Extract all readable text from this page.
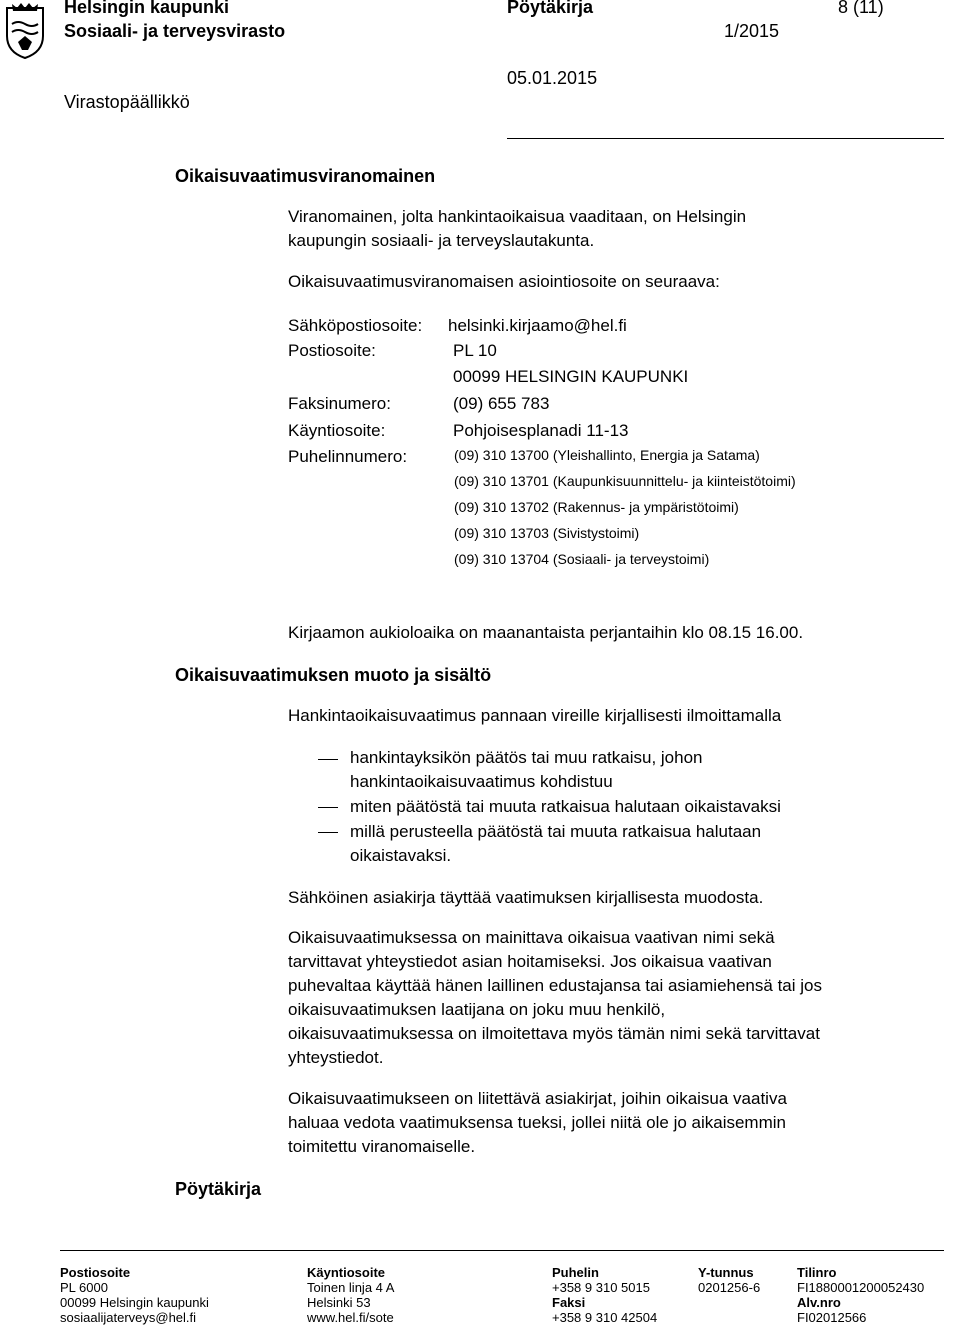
Helsingin kaupunki
Sosiaali- ja terveysvirasto
Virastopäällikkö
Pöytäkirja
1/2015
05.01.2015
8 (11)
Oikaisuvaatimusviranomainen
Viranomainen, jolta hankintaoikaisua vaaditaan, on Helsingin
kaupungin sosiaali- ja terveyslautakunta.
Oikaisuvaatimusviranomaisen asiointiosoite on seuraava:
Sähköpostiosoite: helsinki.kirjaamo@hel.fi
Postiosoite:	PL 10
00099 HELSINGIN KAUPUNKI
Faksinumero:	(09) 655 783
Käyntiosoite:	Pohjoisesplanadi 11-13
Puhelinnumero:	(09) 310 13700 (Yleishallinto, Energia ja Satama)
(09) 310 13701 (Kaupunkisuunnittelu- ja kiinteistötoimi)
(09) 310 13702 (Rakennus- ja ympäristötoimi)
(09) 310 13703 (Sivistystoimi)
(09) 310 13704 (Sosiaali- ja terveystoimi)
Kirjaamon aukioloaika on maanantaista perjantaihin klo 08.15 16.00.
Oikaisuvaatimuksen muoto ja sisältö
Hankintaoikaisuvaatimus pannaan vireille kirjallisesti ilmoittamalla
hankintayksikön päätös tai muu ratkaisu, johon
hankintaoikaisuvaatimus kohdistuu
miten päätöstä tai muuta ratkaisua halutaan oikaistavaksi
millä perusteella päätöstä tai muuta ratkaisua halutaan
oikaistavaksi.
Sähköinen asiakirja täyttää vaatimuksen kirjallisesta muodosta.
Oikaisuvaatimuksessa on mainittava oikaisua vaativan nimi sekä
tarvittavat yhteystiedot asian hoitamiseksi. Jos oikaisua vaativan
puhevaltaa käyttää hänen laillinen edustajansa tai asiamiehensä tai jos
oikaisuvaatimuksen laatijana on joku muu henkilö,
oikaisuvaatimuksessa on ilmoitettava myös tämän nimi sekä tarvittavat
yhteystiedot.
Oikaisuvaatimukseen on liitettävä asiakirjat, joihin oikaisua vaativa
haluaa vedota vaatimuksensa tueksi, jollei niitä ole jo aikaisemmin
toimitettu viranomaiselle.
Pöytäkirja
Postiosoite
PL 6000
00099 Helsingin kaupunki
sosiaalijaterveys@hel.fi
Käyntiosoite
Toinen linja 4 A
Helsinki 53
www.hel.fi/sote
Puhelin
+358 9 310 5015
Faksi
+358 9 310 42504
Y-tunnus
0201256-6
Tilinro
FI1880001200052430
Alv.nro
FI02012566
